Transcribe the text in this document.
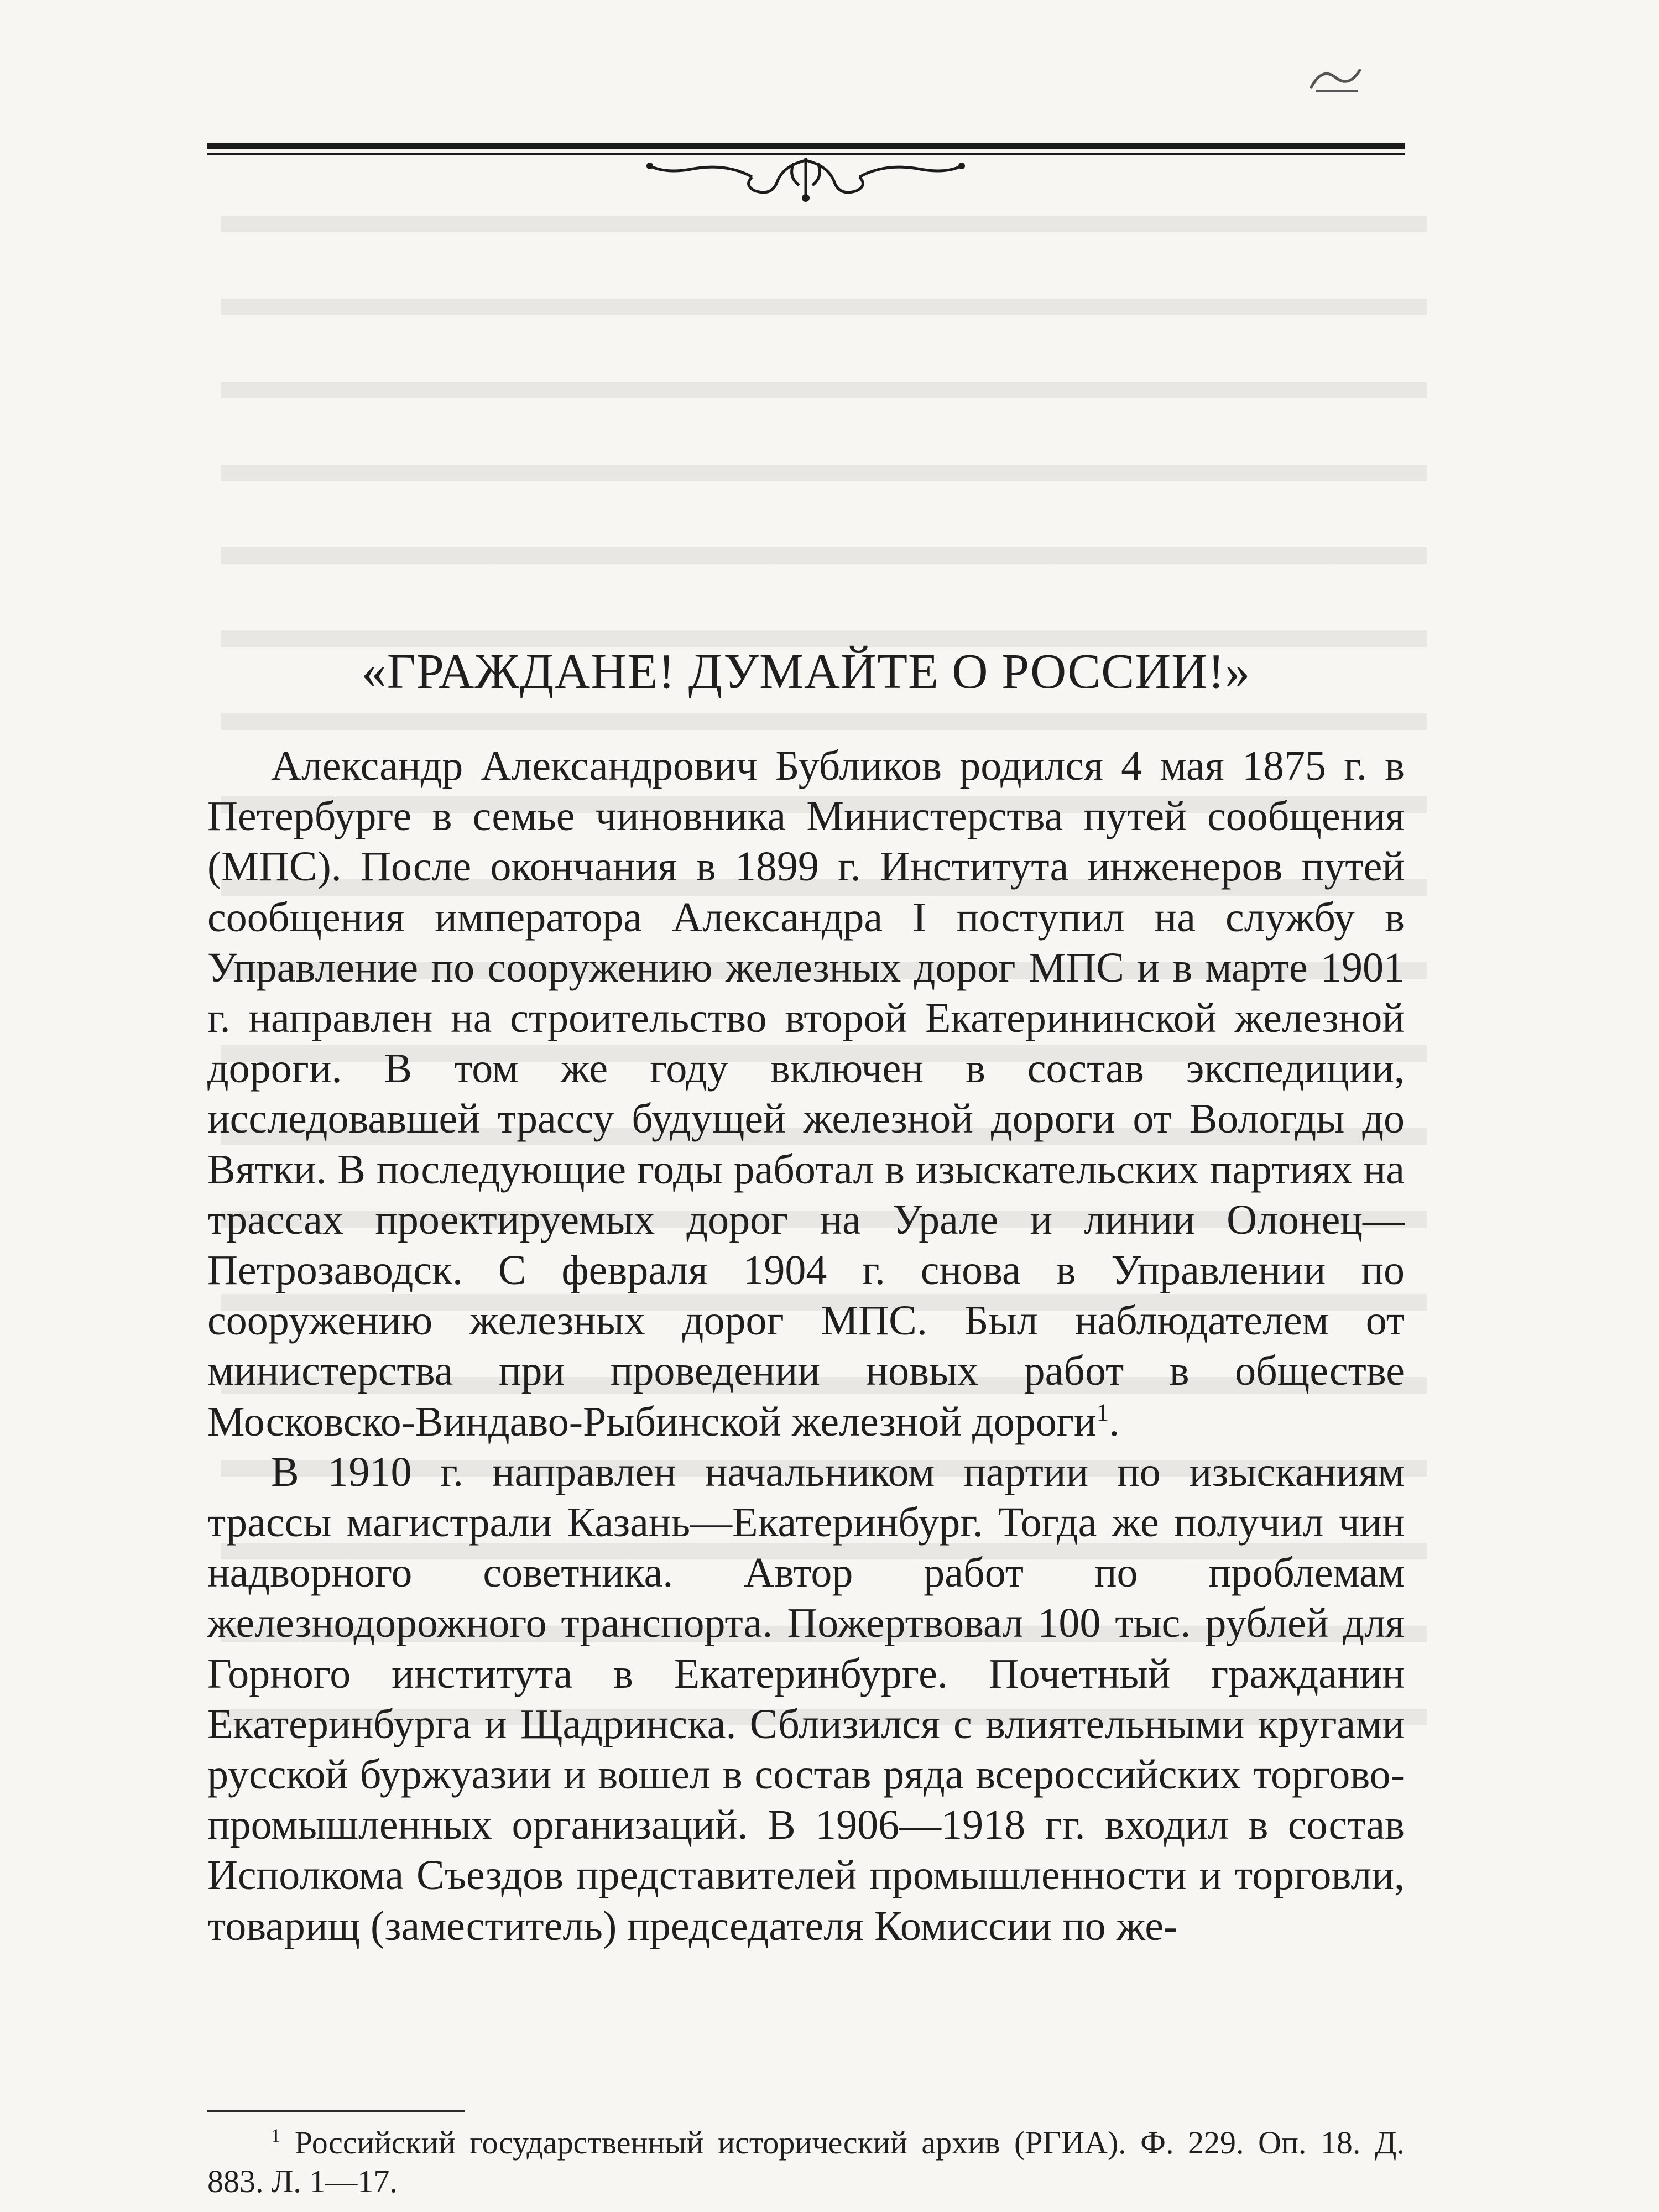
«ГРАЖДАНЕ! ДУМАЙТЕ О РОССИИ!»

Александр Александрович Бубликов родился 4 мая 1875 г. в Петербурге в семье чиновника Министерства путей сообщения (МПС). После окончания в 1899 г. Института инженеров путей сообщения императора Александра I поступил на службу в Управление по сооружению железных дорог МПС и в марте 1901 г. направлен на строительство второй Екатерининской железной дороги. В том же году включен в состав экспедиции, исследовавшей трассу будущей железной дороги от Вологды до Вятки. В последующие годы работал в изыскательских партиях на трассах проектируемых дорог на Урале и линии Олонец—Петрозаводск. С февраля 1904 г. снова в Управлении по сооружению железных дорог МПС. Был наблюдателем от министерства при проведении новых работ в обществе Московско-Виндаво-Рыбинской железной дороги$^1$.

В 1910 г. направлен начальником партии по изысканиям трассы магистрали Казань—Екатеринбург. Тогда же получил чин надворного советника. Автор работ по проблемам железнодорожного транспорта. Пожертвовал 100 тыс. рублей для Горного института в Екатеринбурге. Почетный гражданин Екатеринбурга и Щадринска. Сблизился с влиятельными кругами русской буржуазии и вошел в состав ряда всероссийских торгово-промышленных организаций. В 1906—1918 гг. входил в состав Исполкома Съездов представителей промышленности и торговли, товарищ (заместитель) председателя Комиссии по же-

$^1$ Российский государственный исторический архив (РГИА). Ф. 229. Оп. 18. Д. 883. Л. 1—17.
